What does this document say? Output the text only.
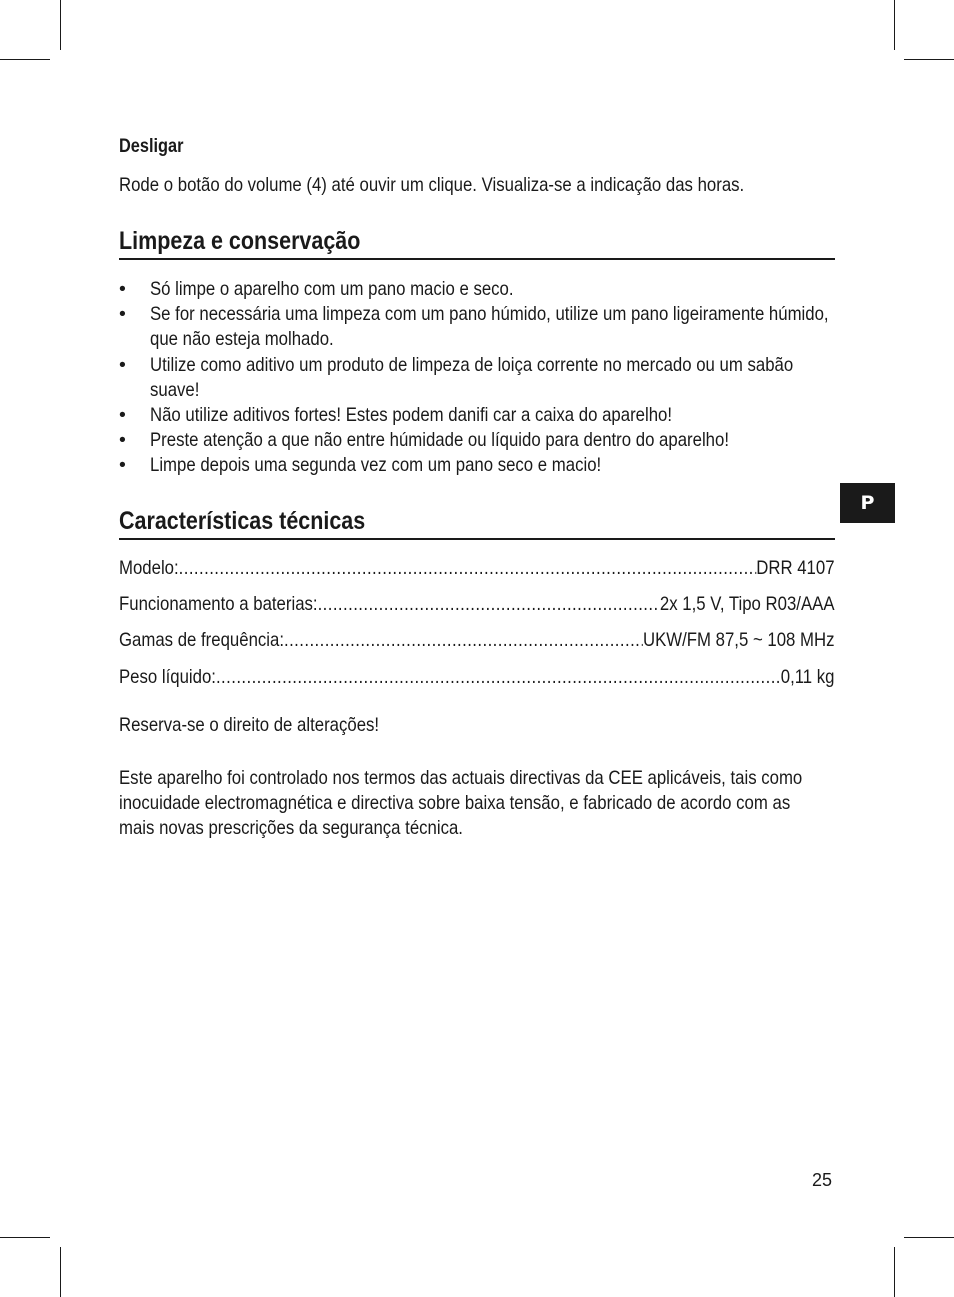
Desligar
Rode o botão do volume (4) até ouvir um clique. Visualiza-se a indicação das horas.
Limpeza e conservação
• Só limpe o aparelho com um pano macio e seco.
• Se for necessária uma limpeza com um pano húmido, utilize um pano ligeiramente húmido, que não esteja molhado.
• Utilize como aditivo um produto de limpeza de loiça corrente no mercado ou um sabão suave!
• Não utilize aditivos fortes! Estes podem danifi car a caixa do aparelho!
• Preste atenção a que não entre húmidade ou líquido para dentro do aparelho!
• Limpe depois uma segunda vez com um pano seco e macio!
Características técnicas
Modelo: .....	DRR 4107
Funcionamento a baterias: .....	2x 1,5 V, Tipo R03/AAA
Gamas de frequência: .....	UKW/FM 87,5 ~ 108 MHz
Peso líquido: .....	0,11 kg
Reserva-se o direito de alterações!
Este aparelho foi controlado nos termos das actuais directivas da CEE aplicáveis, tais como
inocuidade electromagnética e directiva sobre baixa tensão, e fabricado de acordo com as
mais novas prescrições da segurança técnica.
P
25
